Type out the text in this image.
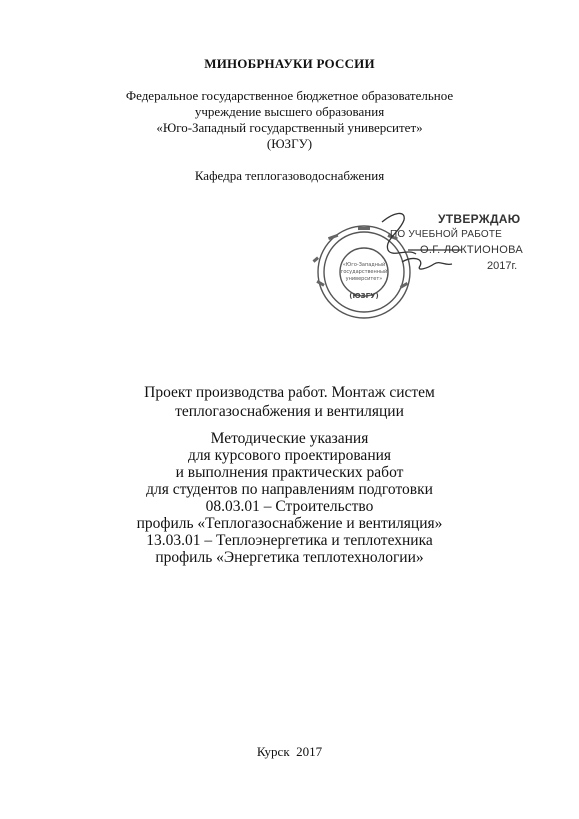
МИНОБРНАУКИ РОССИИ
Федеральное государственное бюджетное образовательное
учреждение высшего образования
«Юго-Западный государственный университет»
(ЮЗГУ)
Кафедра теплогазоводоснабжения
«Юго-Западный
государственный
университет»
(ЮЗГУ)
УТВЕРЖДАЮ
ПО УЧЕБНОЙ РАБОТЕ
О.Г. ЛОКТИОНОВА
2017г.
Проект производства работ. Монтаж систем
теплогазоснабжения и вентиляции
Методические указания
для курсового проектирования
и выполнения практических работ
для студентов по направлениям подготовки
08.03.01 – Строительство
профиль «Теплогазоснабжение и вентиляция»
13.03.01 – Теплоэнергетика и теплотехника
профиль «Энергетика теплотехнологии»
Курск  2017
